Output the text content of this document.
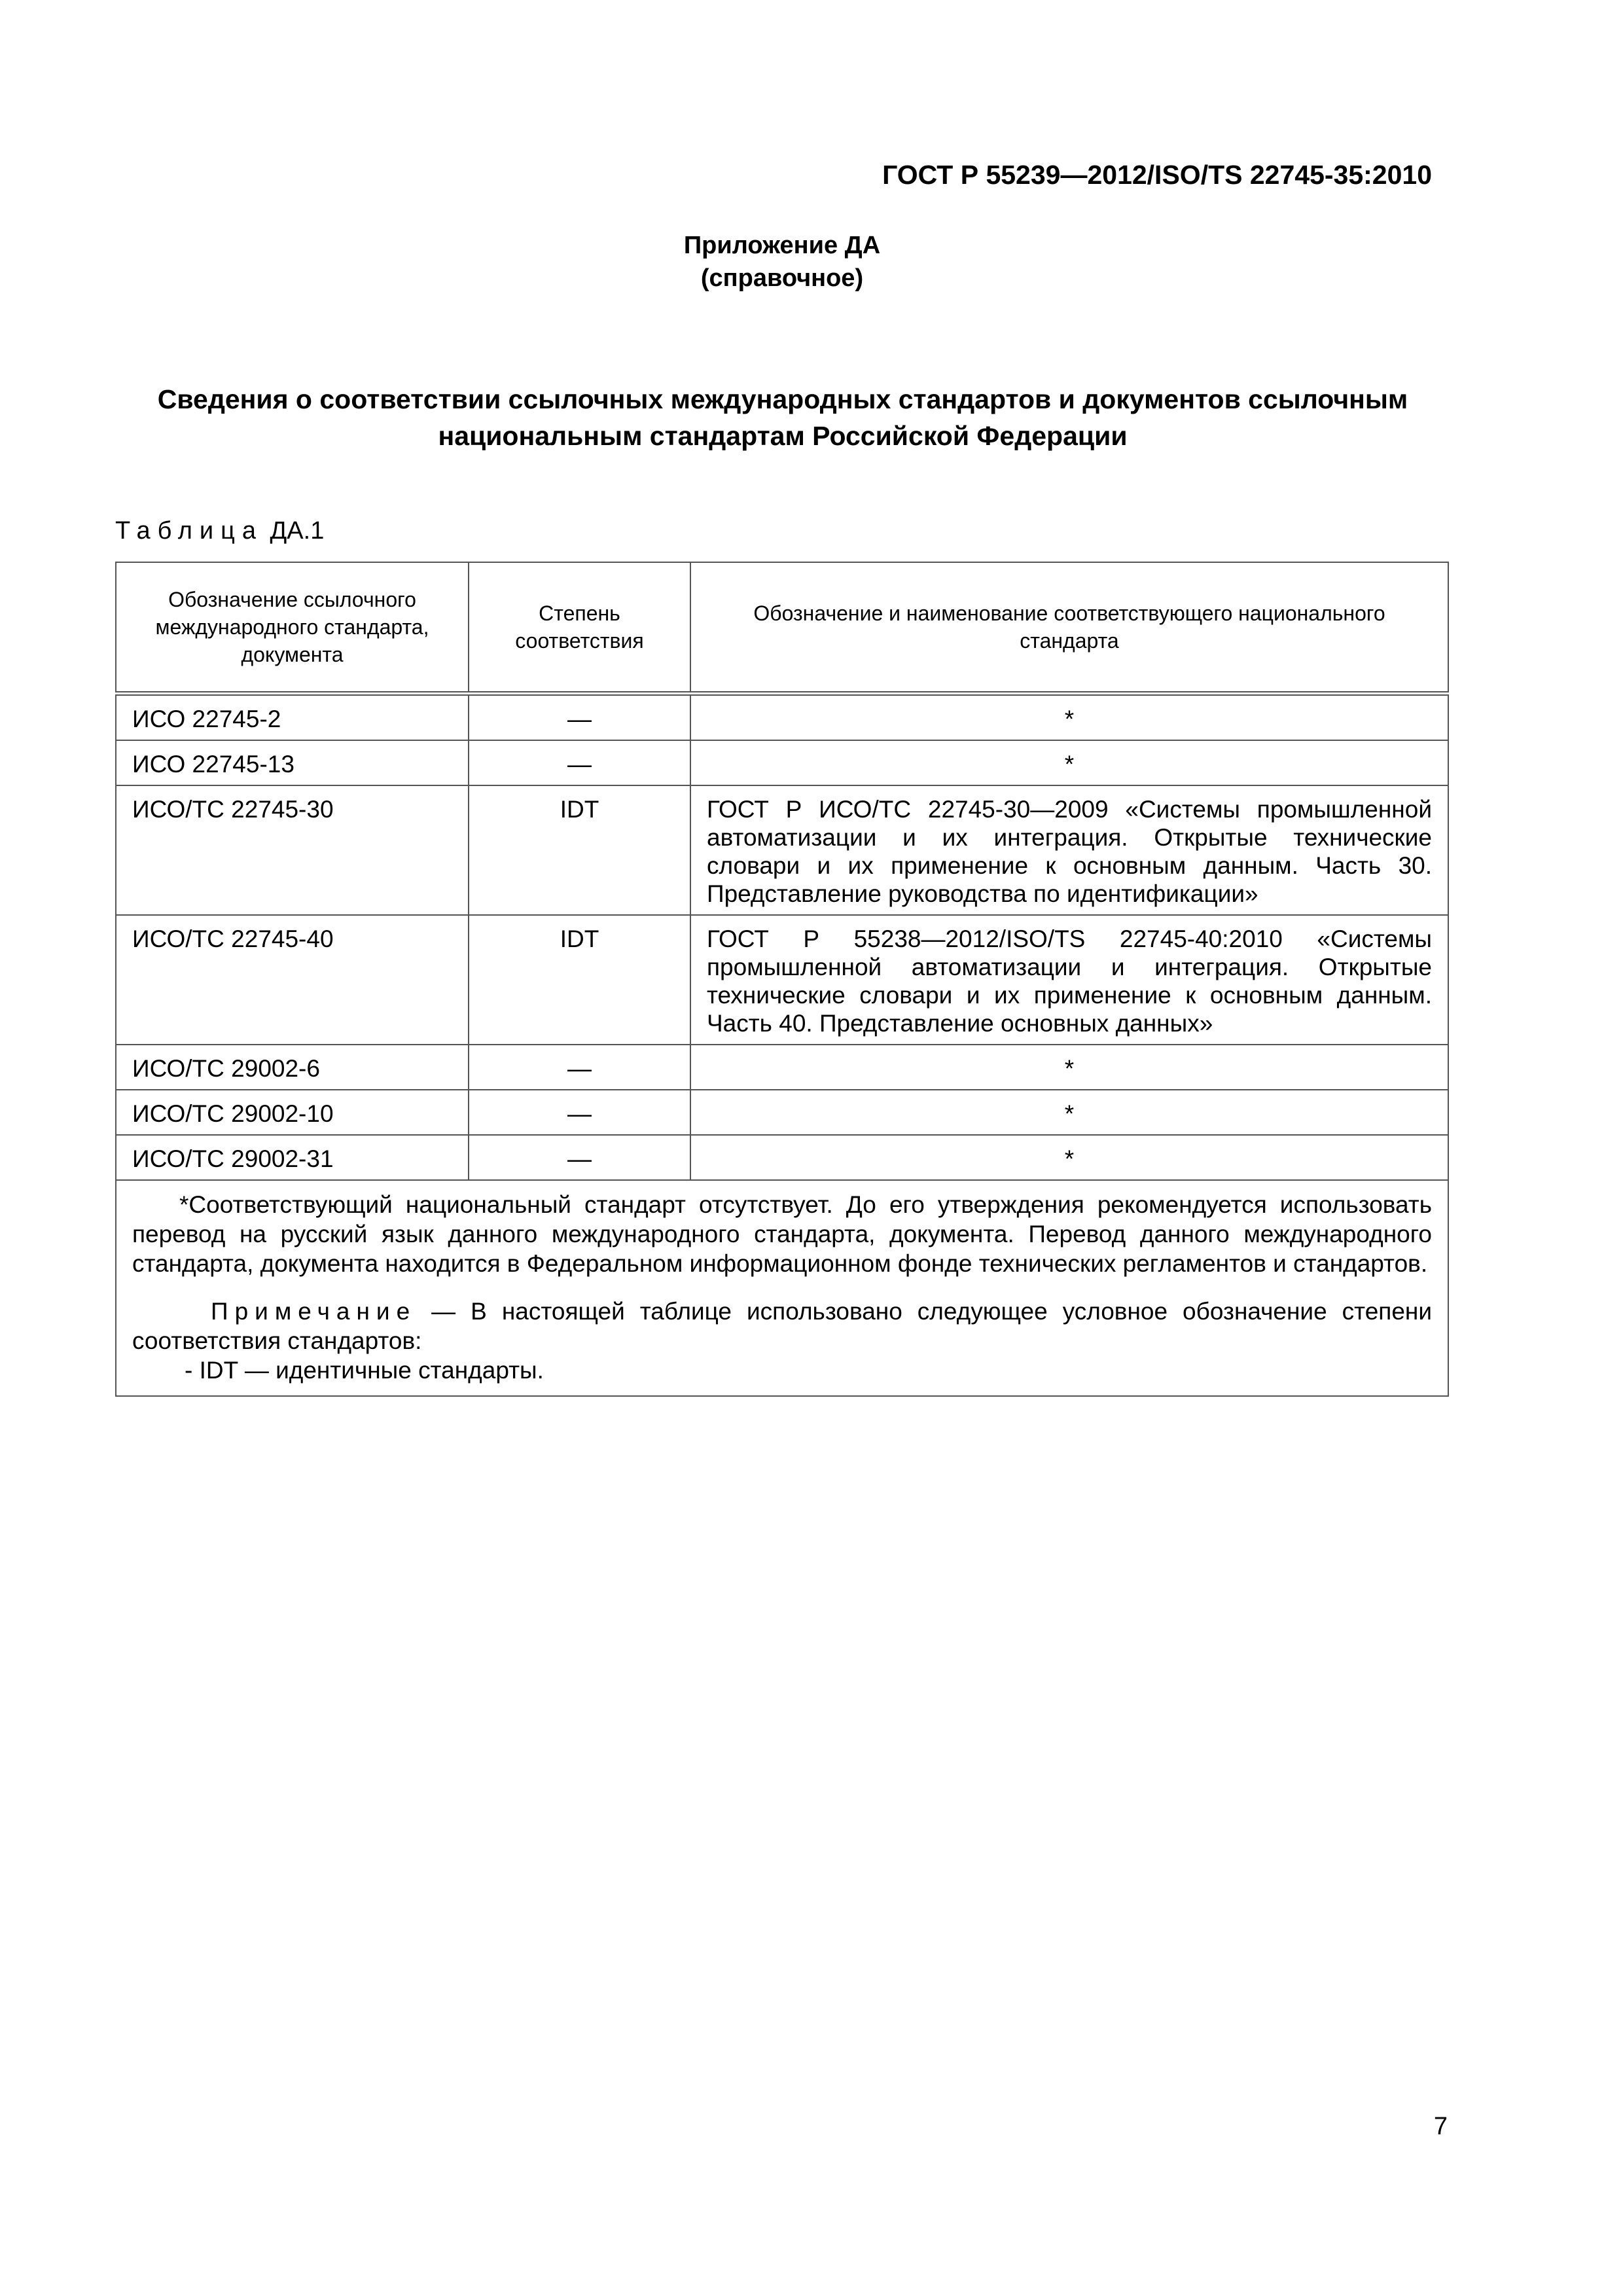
ГОСТ Р 55239—2012/ISO/TS 22745-35:2010
Приложение ДА
(справочное)
Сведения о соответствии ссылочных международных стандартов и документов ссылочным
национальным стандартам Российской Федерации
Таблица ДА.1
Обозначение ссылочного международного стандарта, документа	Степень соответствия	Обозначение и наименование соответствующего национального стандарта
ИСО 22745-2	—	*
ИСО 22745-13	—	*
ИСО/ТС 22745-30	IDT	ГОСТ Р ИСО/ТС 22745-30—2009 «Системы промышленной автоматизации и их интеграция. Открытые технические словари и их применение к основным данным. Часть 30. Представление руководства по идентификации»
ИСО/ТС 22745-40	IDT	ГОСТ Р 55238—2012/ISO/TS 22745-40:2010 «Системы промышленной автоматизации и интеграция. Открытые технические словари и их применение к основным данным. Часть 40. Представление основных данных»
ИСО/ТС 29002-6	—	*
ИСО/ТС 29002-10	—	*
ИСО/ТС 29002-31	—	*

*Соответствующий национальный стандарт отсутствует. До его утверждения рекомендуется использовать перевод на русский язык данного международного стандарта, документа. Перевод данного международного стандарта, документа находится в Федеральном информационном фонде технических регламентов и стандартов.

Примечание — В настоящей таблице использовано следующее условное обозначение степени соответствия стандартов:

- IDT — идентичные стандарты.		

7
